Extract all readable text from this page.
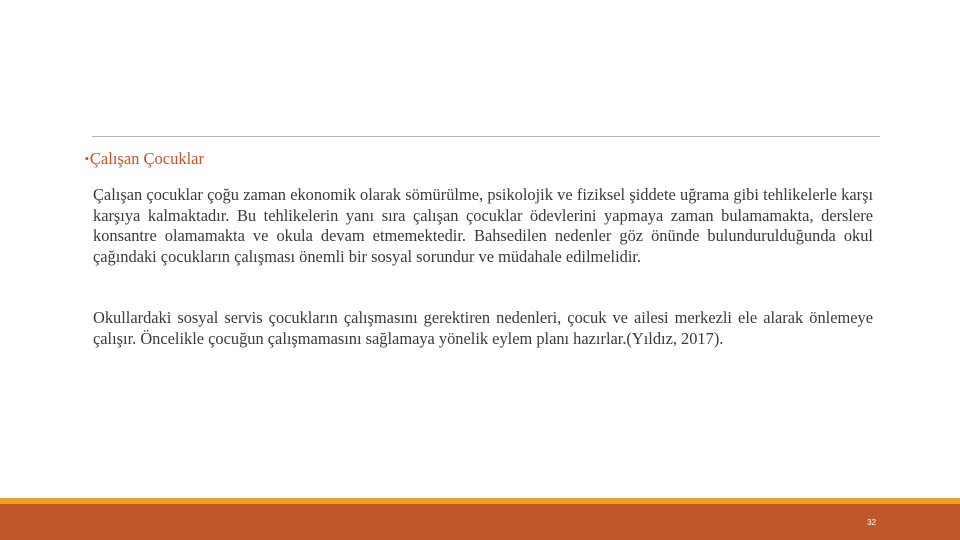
▪Çalışan Çocuklar

Çalışan çocuklar çoğu zaman ekonomik olarak sömürülme, psikolojik ve fiziksel şiddete uğrama gibi tehlikelerle karşı karşıya kalmaktadır. Bu tehlikelerin yanı sıra çalışan çocuklar ödevlerini yapmaya zaman bulamamakta, derslere konsantre olamamakta ve okula devam etmemektedir. Bahsedilen nedenler göz önünde bulundurulduğunda okul çağındaki çocukların çalışması önemli bir sosyal sorundur ve müdahale edilmelidir.

Okullardaki sosyal servis çocukların çalışmasını gerektiren nedenleri, çocuk ve ailesi merkezli ele alarak önlemeye çalışır. Öncelikle çocuğun çalışmamasını sağlamaya yönelik eylem planı hazırlar.(Yıldız, 2017).

32
